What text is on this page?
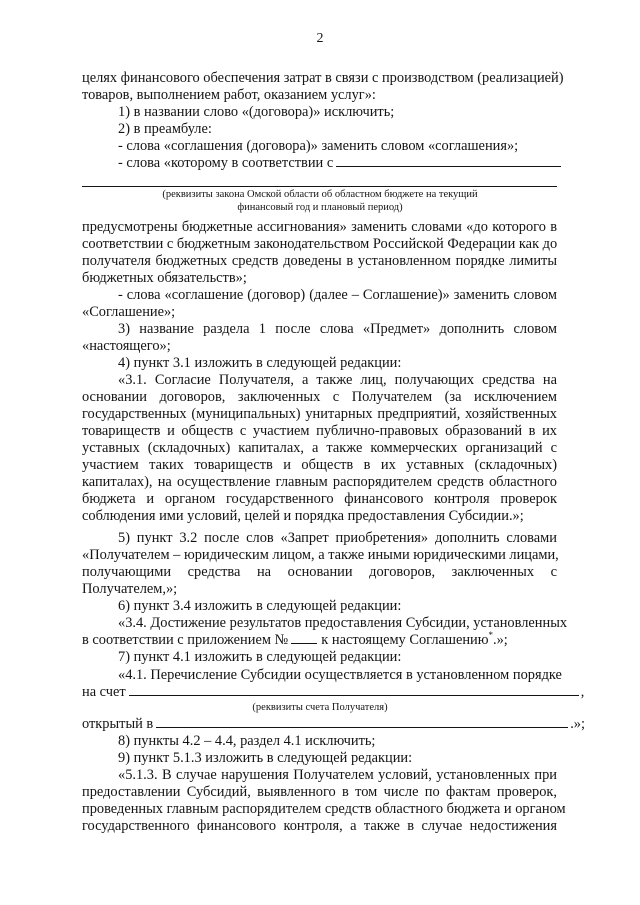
2
целях финансового обеспечения затрат в связи с производством (реализацией)
товаров, выполнением работ, оказанием услуг»:
1) в названии слово «(договора)» исключить;
2) в преамбуле:
- слова «соглашения (договора)» заменить словом «соглашения»;
- слова «которому в соответствии с
(реквизиты закона Омской области об областном бюджете на текущий
финансовый год и плановый период)
предусмотрены бюджетные ассигнования» заменить словами «до которого в
соответствии с бюджетным законодательством Российской Федерации как до
получателя бюджетных средств доведены в установленном порядке лимиты
бюджетных обязательств»;
- слова «соглашение (договор) (далее – Соглашение)» заменить словом
«Соглашение»;
3) название раздела 1 после слова «Предмет» дополнить словом
«настоящего»;
4) пункт 3.1 изложить в следующей редакции:
«3.1. Согласие Получателя, а также лиц, получающих средства на
основании договоров, заключенных с Получателем (за исключением
государственных (муниципальных) унитарных предприятий, хозяйственных
товариществ и обществ с участием публично-правовых образований в их
уставных (складочных) капиталах, а также коммерческих организаций с
участием таких товариществ и обществ в их уставных (складочных)
капиталах), на осуществление главным распорядителем средств областного
бюджета и органом государственного финансового контроля проверок
соблюдения ими условий, целей и порядка предоставления Субсидии.»;
5) пункт 3.2 после слов «Запрет приобретения» дополнить словами
«Получателем – юридическим лицом, а также иными юридическими лицами,
получающими средства на основании договоров, заключенных с
Получателем,»;
6) пункт 3.4 изложить в следующей редакции:
«3.4. Достижение результатов предоставления Субсидии, установленных
в соответствии с приложением № к настоящему Соглашению*.»;
7) пункт 4.1 изложить в следующей редакции:
«4.1. Перечисление Субсидии осуществляется в установленном порядке
на счет	,
(реквизиты счета Получателя)
открытый в	.»;
8) пункты 4.2 – 4.4, раздел 4.1 исключить;
9) пункт 5.1.3 изложить в следующей редакции:
«5.1.3. В случае нарушения Получателем условий, установленных при
предоставлении Субсидий, выявленного в том числе по фактам проверок,
проведенных главным распорядителем средств областного бюджета и органом
государственного финансового контроля, а также в случае недостижения
